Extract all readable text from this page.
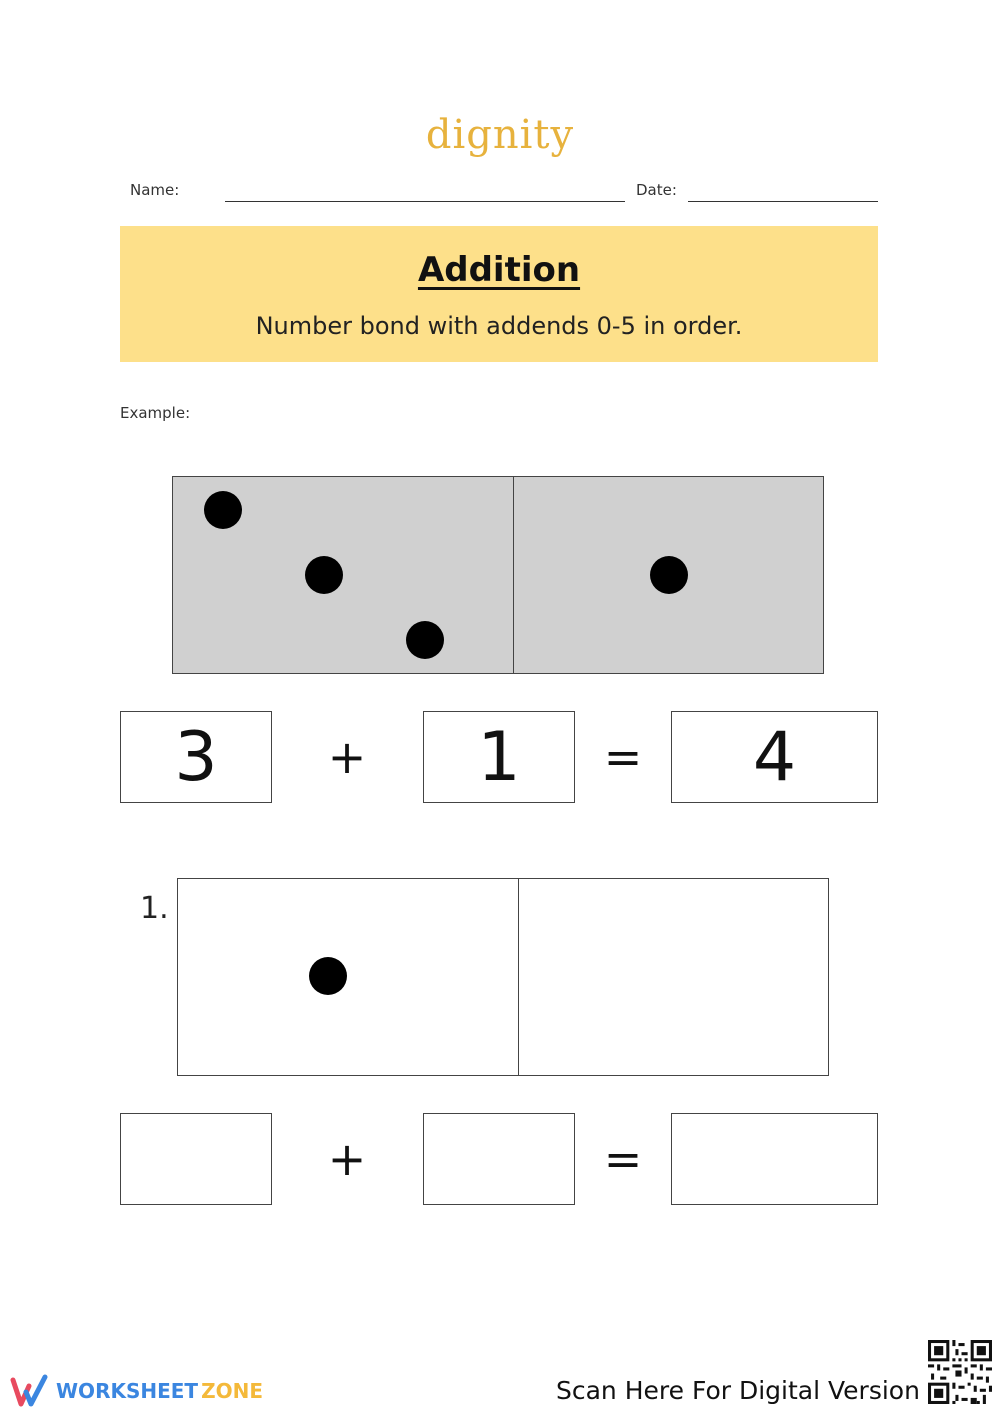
dignity
Name:	Date:
Addition
Number bond with addends 0-5 in order.
Example:
3	+	1	=	4
1.
+	=
WORKSHEET ZONE	Scan Here For Digital Version
